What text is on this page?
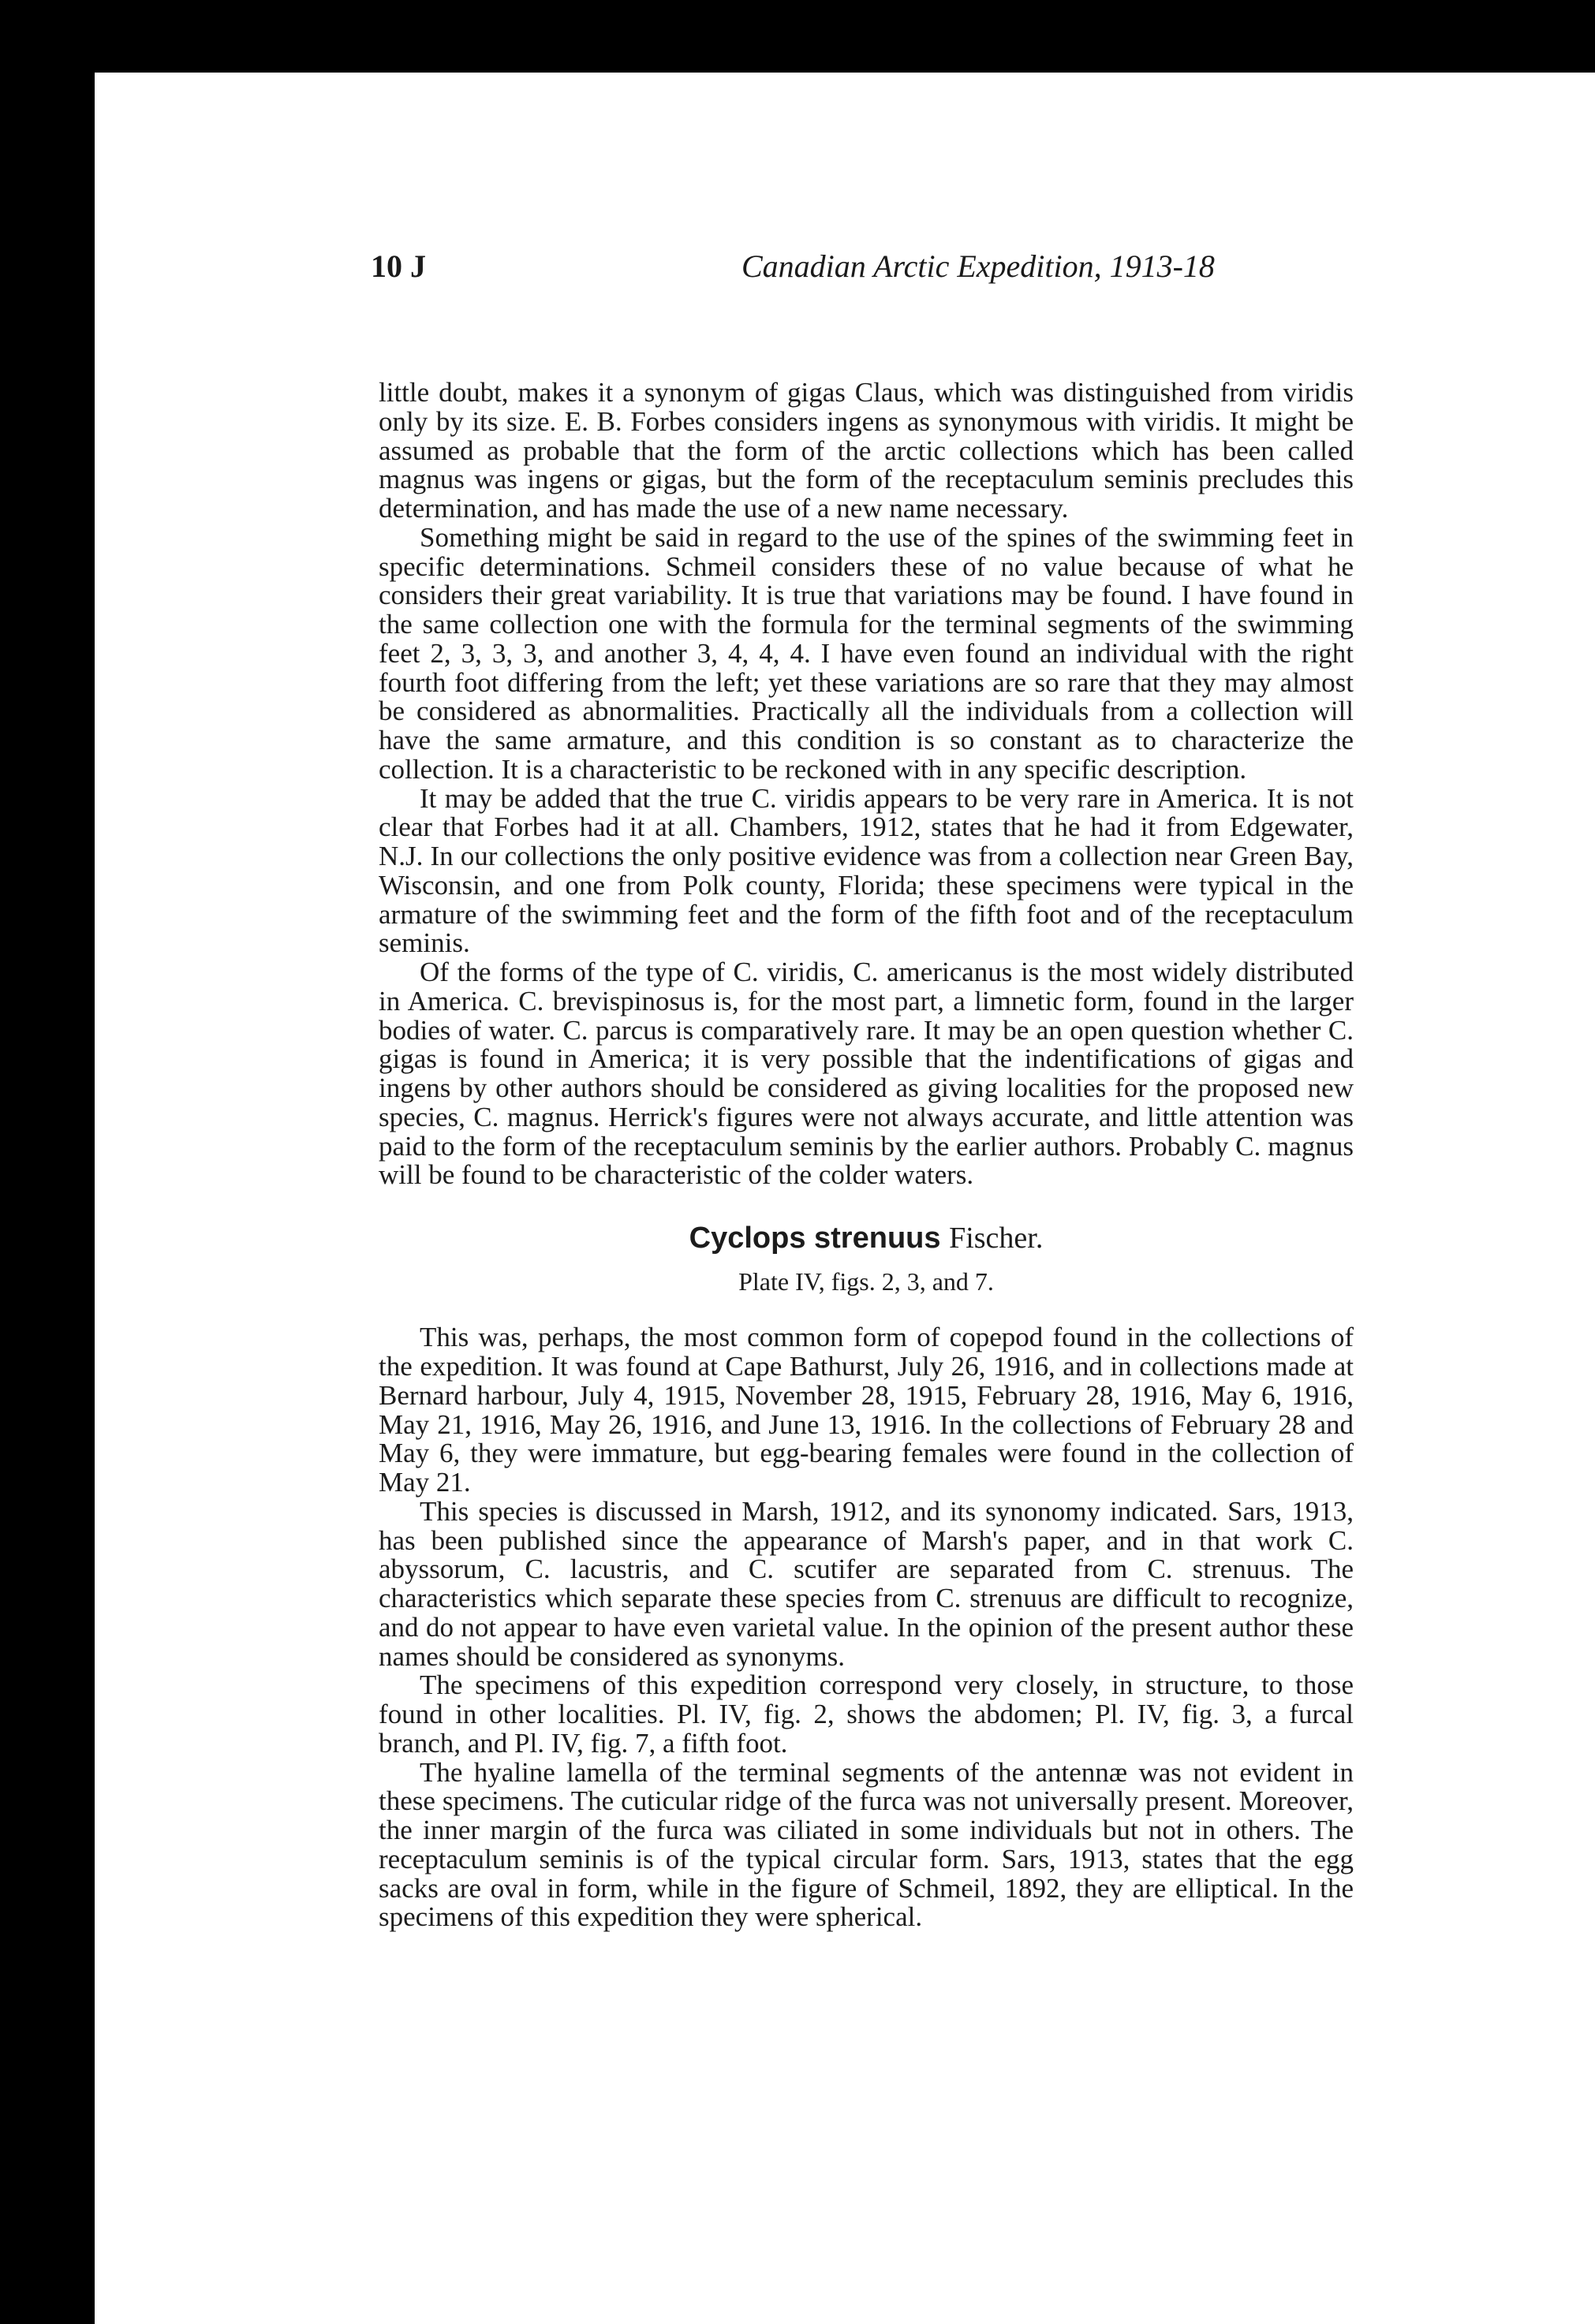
10 J	Canadian Arctic Expedition, 1913-18

little doubt, makes it a synonym of gigas Claus, which was distinguished from viridis only by its size. E. B. Forbes considers ingens as synonymous with viridis. It might be assumed as probable that the form of the arctic collections which has been called magnus was ingens or gigas, but the form of the receptaculum seminis precludes this determination, and has made the use of a new name necessary.

Something might be said in regard to the use of the spines of the swimming feet in specific determinations. Schmeil considers these of no value because of what he considers their great variability. It is true that variations may be found. I have found in the same collection one with the formula for the terminal segments of the swimming feet 2, 3, 3, 3, and another 3, 4, 4, 4. I have even found an individual with the right fourth foot differing from the left; yet these variations are so rare that they may almost be considered as abnormalities. Practically all the individuals from a collection will have the same armature, and this condition is so constant as to characterize the collection. It is a characteristic to be reckoned with in any specific description.

It may be added that the true C. viridis appears to be very rare in America. It is not clear that Forbes had it at all. Chambers, 1912, states that he had it from Edgewater, N.J. In our collections the only positive evidence was from a collection near Green Bay, Wisconsin, and one from Polk county, Florida; these specimens were typical in the armature of the swimming feet and the form of the fifth foot and of the receptaculum seminis.

Of the forms of the type of C. viridis, C. americanus is the most widely distributed in America. C. brevispinosus is, for the most part, a limnetic form, found in the larger bodies of water. C. parcus is comparatively rare. It may be an open question whether C. gigas is found in America; it is very possible that the indentifications of gigas and ingens by other authors should be considered as giving localities for the proposed new species, C. magnus. Herrick's figures were not always accurate, and little attention was paid to the form of the receptaculum seminis by the earlier authors. Probably C. magnus will be found to be characteristic of the colder waters.

Cyclops strenuus Fischer.
Plate IV, figs. 2, 3, and 7.

This was, perhaps, the most common form of copepod found in the collections of the expedition. It was found at Cape Bathurst, July 26, 1916, and in collections made at Bernard harbour, July 4, 1915, November 28, 1915, February 28, 1916, May 6, 1916, May 21, 1916, May 26, 1916, and June 13, 1916. In the collections of February 28 and May 6, they were immature, but egg-bearing females were found in the collection of May 21.

This species is discussed in Marsh, 1912, and its synonomy indicated. Sars, 1913, has been published since the appearance of Marsh's paper, and in that work C. abyssorum, C. lacustris, and C. scutifer are separated from C. strenuus. The characteristics which separate these species from C. strenuus are difficult to recognize, and do not appear to have even varietal value. In the opinion of the present author these names should be considered as synonyms.

The specimens of this expedition correspond very closely, in structure, to those found in other localities. Pl. IV, fig. 2, shows the abdomen; Pl. IV, fig. 3, a furcal branch, and Pl. IV, fig. 7, a fifth foot.

The hyaline lamella of the terminal segments of the antennæ was not evident in these specimens. The cuticular ridge of the furca was not universally present. Moreover, the inner margin of the furca was ciliated in some individuals but not in others. The receptaculum seminis is of the typical circular form. Sars, 1913, states that the egg sacks are oval in form, while in the figure of Schmeil, 1892, they are elliptical. In the specimens of this expedition they were spherical.
